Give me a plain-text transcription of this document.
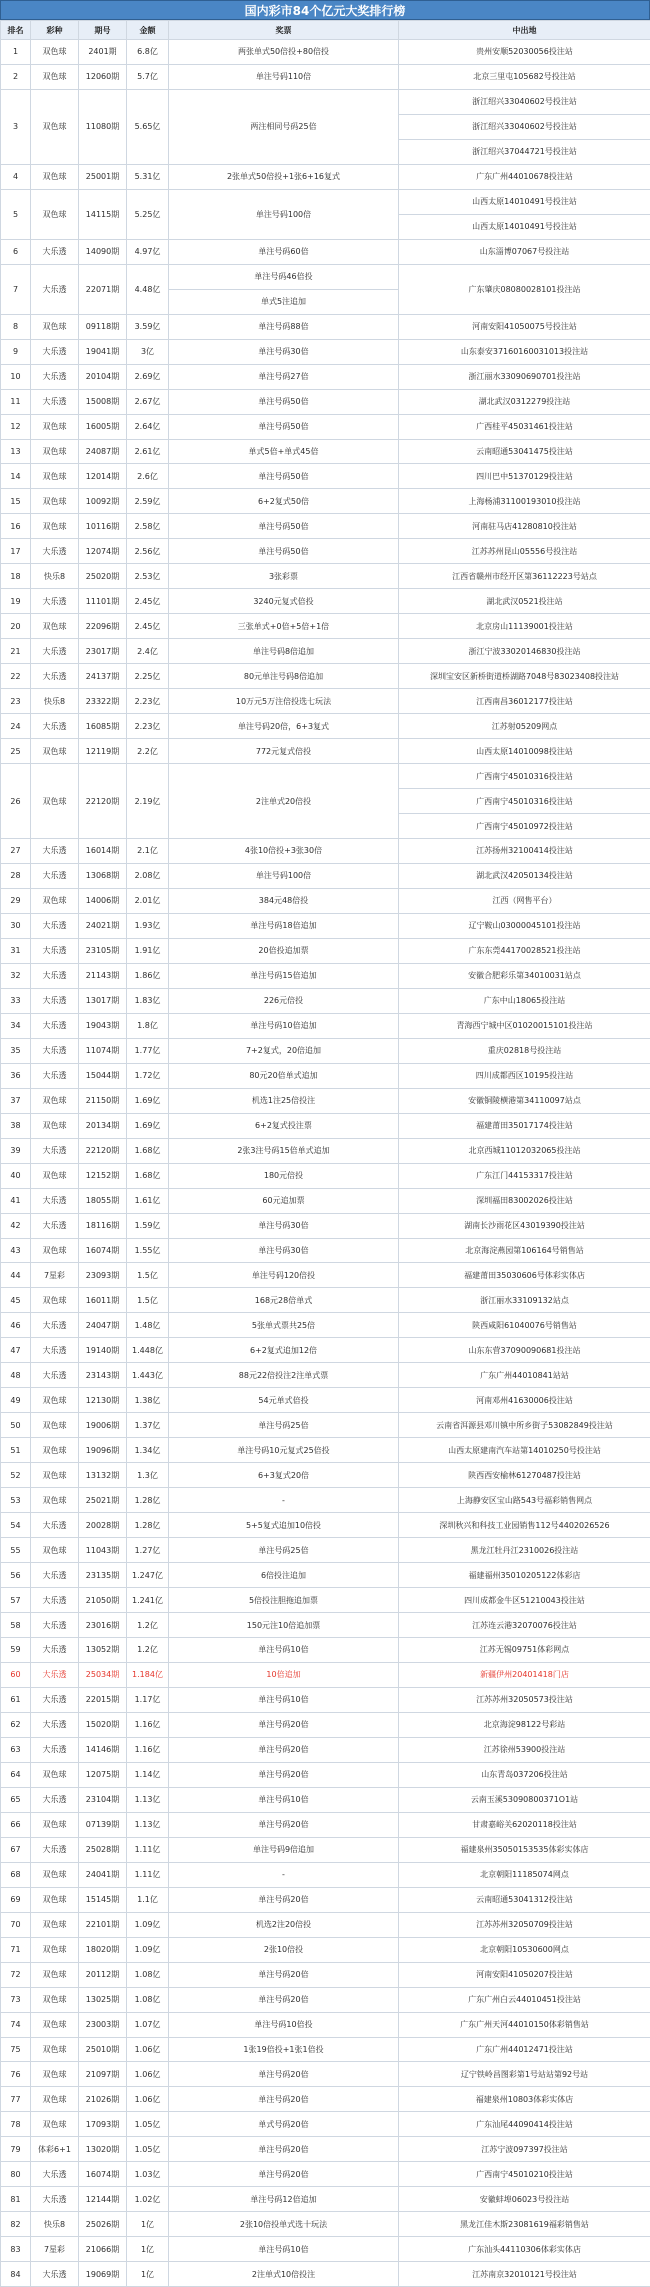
国内彩市84个亿元大奖排行榜
排名	彩种	期号	金额	奖票	中出地
1	双色球	2401期	6.8亿	两张单式50倍投+80倍投	贵州安顺52030056投注站
2	双色球	12060期	5.7亿	单注号码110倍	北京三里屯105682号投注站
3	双色球	11080期	5.65亿	两注相同号码25倍	浙江绍兴33040602号投注站
					浙江绍兴33040602号投注站
					浙江绍兴37044721号投注站
4	双色球	25001期	5.31亿	2张单式50倍投+1张6+16复式	广东广州44010678投注站
5	双色球	14115期	5.25亿	单注号码100倍	山西太原14010491号投注站
					山西太原14010491号投注站
6	大乐透	14090期	4.97亿	单注号码60倍	山东淄博07067号投注站
7	大乐透	22071期	4.48亿	单注号码46倍投	广东肇庆08080028101投注站
				单式5注追加	
8	双色球	09118期	3.59亿	单注号码88倍	河南安阳41050075号投注站
9	大乐透	19041期	3亿	单注号码30倍	山东泰安37160160031013投注站
10	大乐透	20104期	2.69亿	单注号码27倍	浙江丽水33090690701投注站
11	大乐透	15008期	2.67亿	单注号码50倍	湖北武汉0312279投注站
12	双色球	16005期	2.64亿	单注号码50倍	广西桂平45031461投注站
13	双色球	24087期	2.61亿	单式5倍+单式45倍	云南昭通53041475投注站
14	双色球	12014期	2.6亿	单注号码50倍	四川巴中51370129投注站
15	双色球	10092期	2.59亿	6+2复式50倍	上海杨浦31100193010投注站
16	双色球	10116期	2.58亿	单注号码50倍	河南驻马店41280810投注站
17	大乐透	12074期	2.56亿	单注号码50倍	江苏苏州昆山05556号投注站
18	快乐8	25020期	2.53亿	3张彩票	江西省赣州市经开区第36112223号站点
19	大乐透	11101期	2.45亿	3240元复式倍投	湖北武汉0521投注站
20	双色球	22096期	2.45亿	三张单式+0倍+5倍+1倍	北京房山11139001投注站
21	大乐透	23017期	2.4亿	单注号码8倍追加	浙江宁波33020146830投注站
22	大乐透	24137期	2.25亿	80元单注号码8倍追加	深圳宝安区新桥街道桥湖路7048号83023408投注站
23	快乐8	23322期	2.23亿	10万元5万注倍投选七玩法	江西南昌36012177投注站
24	大乐透	16085期	2.23亿	单注号码20倍，6+3复式	江苏射05209网点
25	双色球	12119期	2.2亿	772元复式倍投	山西太原14010098投注站
26	双色球	22120期	2.19亿	2注单式20倍投	广西南宁45010316投注站
					广西南宁45010316投注站
					广西南宁45010972投注站
27	大乐透	16014期	2.1亿	4张10倍投+3张30倍	江苏扬州32100414投注站
28	大乐透	13068期	2.08亿	单注号码100倍	湖北武汉42050134投注站
29	双色球	14006期	2.01亿	384元48倍投	江西（网售平台）
30	大乐透	24021期	1.93亿	单注号码18倍追加	辽宁鞍山03000045101投注站
31	大乐透	23105期	1.91亿	20倍投追加票	广东东莞44170028521投注站
32	大乐透	21143期	1.86亿	单注号码15倍追加	安徽合肥彩乐第34010031站点
33	大乐透	13017期	1.83亿	226元倍投	广东中山18065投注站
34	大乐透	19043期	1.8亿	单注号码10倍追加	青海西宁城中区01020015101投注站
35	大乐透	11074期	1.77亿	7+2复式，20倍追加	重庆02818号投注站
36	大乐透	15044期	1.72亿	80元20倍单式追加	四川成都西区10195投注站
37	双色球	21150期	1.69亿	机选1注25倍投注	安徽铜陵横港第34110097站点
38	双色球	20134期	1.69亿	6+2复式投注票	福建莆田35017174投注站
39	大乐透	22120期	1.68亿	2张3注号码15倍单式追加	北京西城11012032065投注站
40	双色球	12152期	1.68亿	180元倍投	广东江门44153317投注站
41	大乐透	18055期	1.61亿	60元追加票	深圳福田83002026投注站
42	大乐透	18116期	1.59亿	单注号码30倍	湖南长沙雨花区43019390投注站
43	双色球	16074期	1.55亿	单注号码30倍	北京海淀燕园第106164号销售站
44	7星彩	23093期	1.5亿	单注号码120倍投	福建莆田35030606号体彩实体店
45	双色球	16011期	1.5亿	168元28倍单式	浙江丽水33109132站点
46	大乐透	24047期	1.48亿	5张单式票共25倍	陕西咸阳61040076号销售站
47	大乐透	19140期	1.448亿	6+2复式追加12倍	山东东营37090090681投注站
48	大乐透	23143期	1.443亿	88元22倍投注2注单式票	广东广州44010841站站
49	双色球	12130期	1.38亿	54元单式倍投	河南邓州41630006投注站
50	双色球	19006期	1.37亿	单注号码25倍	云南省洱源县邓川镇中所乡街子53082849投注站
51	双色球	19096期	1.34亿	单注号码10元复式25倍投	山西太原建南汽车站第14010250号投注站
52	双色球	13132期	1.3亿	6+3复式20倍	陕西西安榆林61270487投注站
53	双色球	25021期	1.28亿	-	上海静安区宝山路543号福彩销售网点
54	大乐透	20028期	1.28亿	5+5复式追加10倍投	深圳秋兴和科技工业园销售112号4402026526
55	双色球	11043期	1.27亿	单注号码25倍	黑龙江牡丹江2310026投注站
56	大乐透	23135期	1.247亿	6倍投注追加	福建福州35010205122体彩店
57	大乐透	21050期	1.241亿	5倍投注胆拖追加票	四川成都金牛区51210043投注站
58	大乐透	23016期	1.2亿	150元注10倍追加票	江苏连云港32070076投注站
59	大乐透	13052期	1.2亿	单注号码10倍	江苏无锡09751体彩网点
60	大乐透	25034期	1.184亿	10倍追加	新疆伊州20401418门店
61	大乐透	22015期	1.17亿	单注号码10倍	江苏苏州32050573投注站
62	大乐透	15020期	1.16亿	单注号码20倍	北京海淀98122号彩站
63	大乐透	14146期	1.16亿	单注号码20倍	江苏徐州53900投注站
64	双色球	12075期	1.14亿	单注号码20倍	山东青岛037206投注站
65	大乐透	23104期	1.13亿	单注号码10倍	云南玉溪53090800371O1站
66	双色球	07139期	1.13亿	单注号码20倍	甘肃嘉峪关62020118投注站
67	大乐透	25028期	1.11亿	单注号码9倍追加	福建泉州35050153535体彩实体店
68	双色球	24041期	1.11亿	-	北京朝阳11185074网点
69	双色球	15145期	1.1亿	单注号码20倍	云南昭通53041312投注站
70	双色球	22101期	1.09亿	机选2注20倍投	江苏苏州32050709投注站
71	双色球	18020期	1.09亿	2张10倍投	北京朝阳10530600网点
72	双色球	20112期	1.08亿	单注号码20倍	河南安阳41050207投注站
73	双色球	13025期	1.08亿	单注号码20倍	广东广州白云44010451投注站
74	双色球	23003期	1.07亿	单注号码10倍投	广东广州天河44010150体彩销售站
75	双色球	25010期	1.06亿	1张19倍投+1张1倍投	广东广州44012471投注站
76	双色球	21097期	1.06亿	单注号码20倍	辽宁铁岭昌图彩第1号站站第92号站
77	双色球	21026期	1.06亿	单注号码20倍	福建泉州10803体彩实体店
78	双色球	17093期	1.05亿	单式号码20倍	广东汕尾44090414投注站
79	体彩6+1	13020期	1.05亿	单注号码20倍	江苏宁波097397投注站
80	大乐透	16074期	1.03亿	单注号码20倍	广西南宁45010210投注站
81	大乐透	12144期	1.02亿	单注号码12倍追加	安徽蚌埠06023号投注站
82	快乐8	25026期	1亿	2张10倍投单式选十玩法	黑龙江佳木斯23081619福彩销售站
83	7星彩	21066期	1亿	单注号码10倍	广东汕头44110306体彩实体店
84	大乐透	19069期	1亿	2注单式10倍投注	江苏南京32010121号投注站
